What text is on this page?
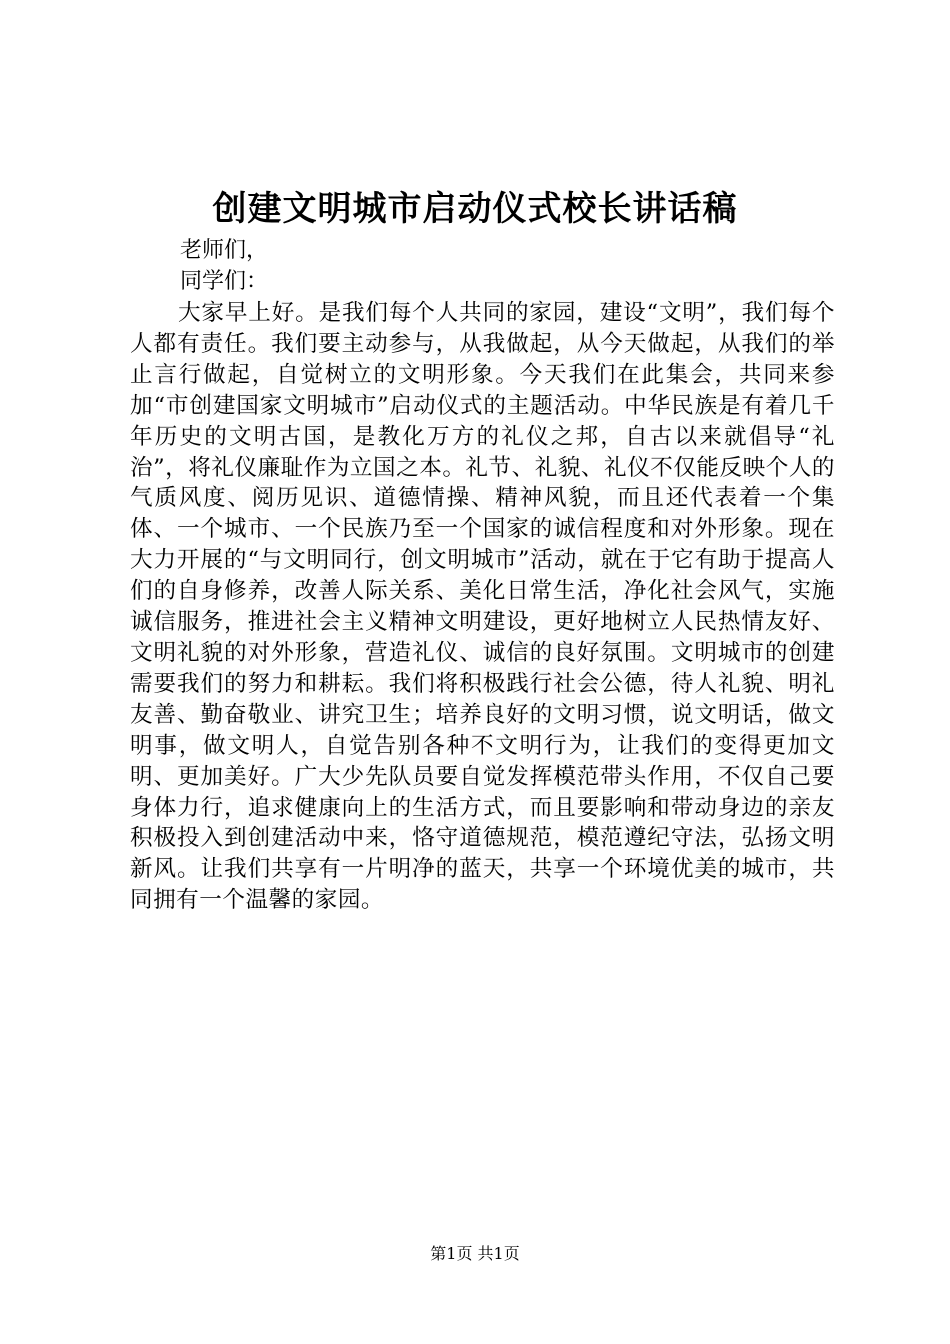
创建文明城市启动仪式校长讲话稿

老师们，

同学们：

大家早上好。是我们每个人共同的家园，建设“文明”，我们每个人都有责任。我们要主动参与，从我做起，从今天做起，从我们的举止言行做起，自觉树立的文明形象。今天我们在此集会，共同来参加“市创建国家文明城市”启动仪式的主题活动。中华民族是有着几千年历史的文明古国，是教化万方的礼仪之邦，自古以来就倡导“礼治”，将礼仪廉耻作为立国之本。礼节、礼貌、礼仪不仅能反映个人的气质风度、阅历见识、道德情操、精神风貌，而且还代表着一个集体、一个城市、一个民族乃至一个国家的诚信程度和对外形象。现在大力开展的“与文明同行，创文明城市”活动，就在于它有助于提高人们的自身修养，改善人际关系、美化日常生活，净化社会风气，实施诚信服务，推进社会主义精神文明建设，更好地树立人民热情友好、文明礼貌的对外形象，营造礼仪、诚信的良好氛围。文明城市的创建需要我们的努力和耕耘。我们将积极践行社会公德，待人礼貌、明礼友善、勤奋敬业、讲究卫生；培养良好的文明习惯，说文明话，做文明事，做文明人，自觉告别各种不文明行为，让我们的变得更加文明、更加美好。广大少先队员要自觉发挥模范带头作用，不仅自己要身体力行，追求健康向上的生活方式，而且要影响和带动身边的亲友积极投入到创建活动中来，恪守道德规范，模范遵纪守法，弘扬文明新风。让我们共享有一片明净的蓝天，共享一个环境优美的城市，共同拥有一个温馨的家园。

第1页 共1页
